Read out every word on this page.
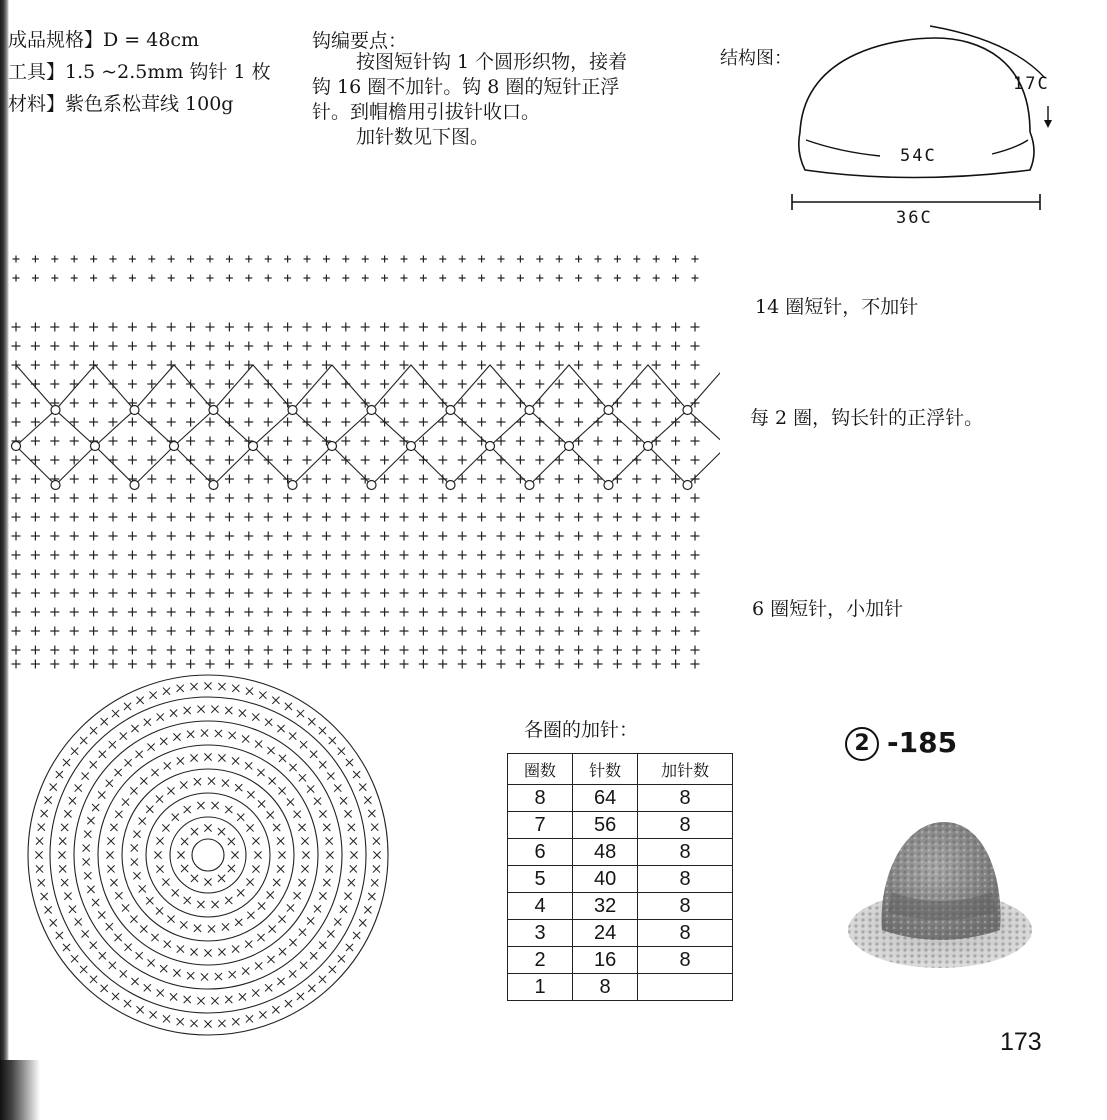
成品规格】D = 48cm
工具】1.5 ~2.5mm 钩针 1 枚
材料】紫色系松茸线 100g
钩编要点：

按图短针钩 1 个圆形织物，接着

钩 16 圈不加针。钩 8 圈的短针正浮

针。到帽檐用引拔针收口。

加针数见下图。

结构图：
17C
54C
36C
14 圈短针，不加针
每 2 圈，钩长针的正浮针。
6 圈短针，小加针
各圈的加针：
圈数	针数	加针数
8	64	8
7	56	8
6	48	8
5	40	8
4	32	8
3	24	8
2	16	8
1	8	
2 -185
173
